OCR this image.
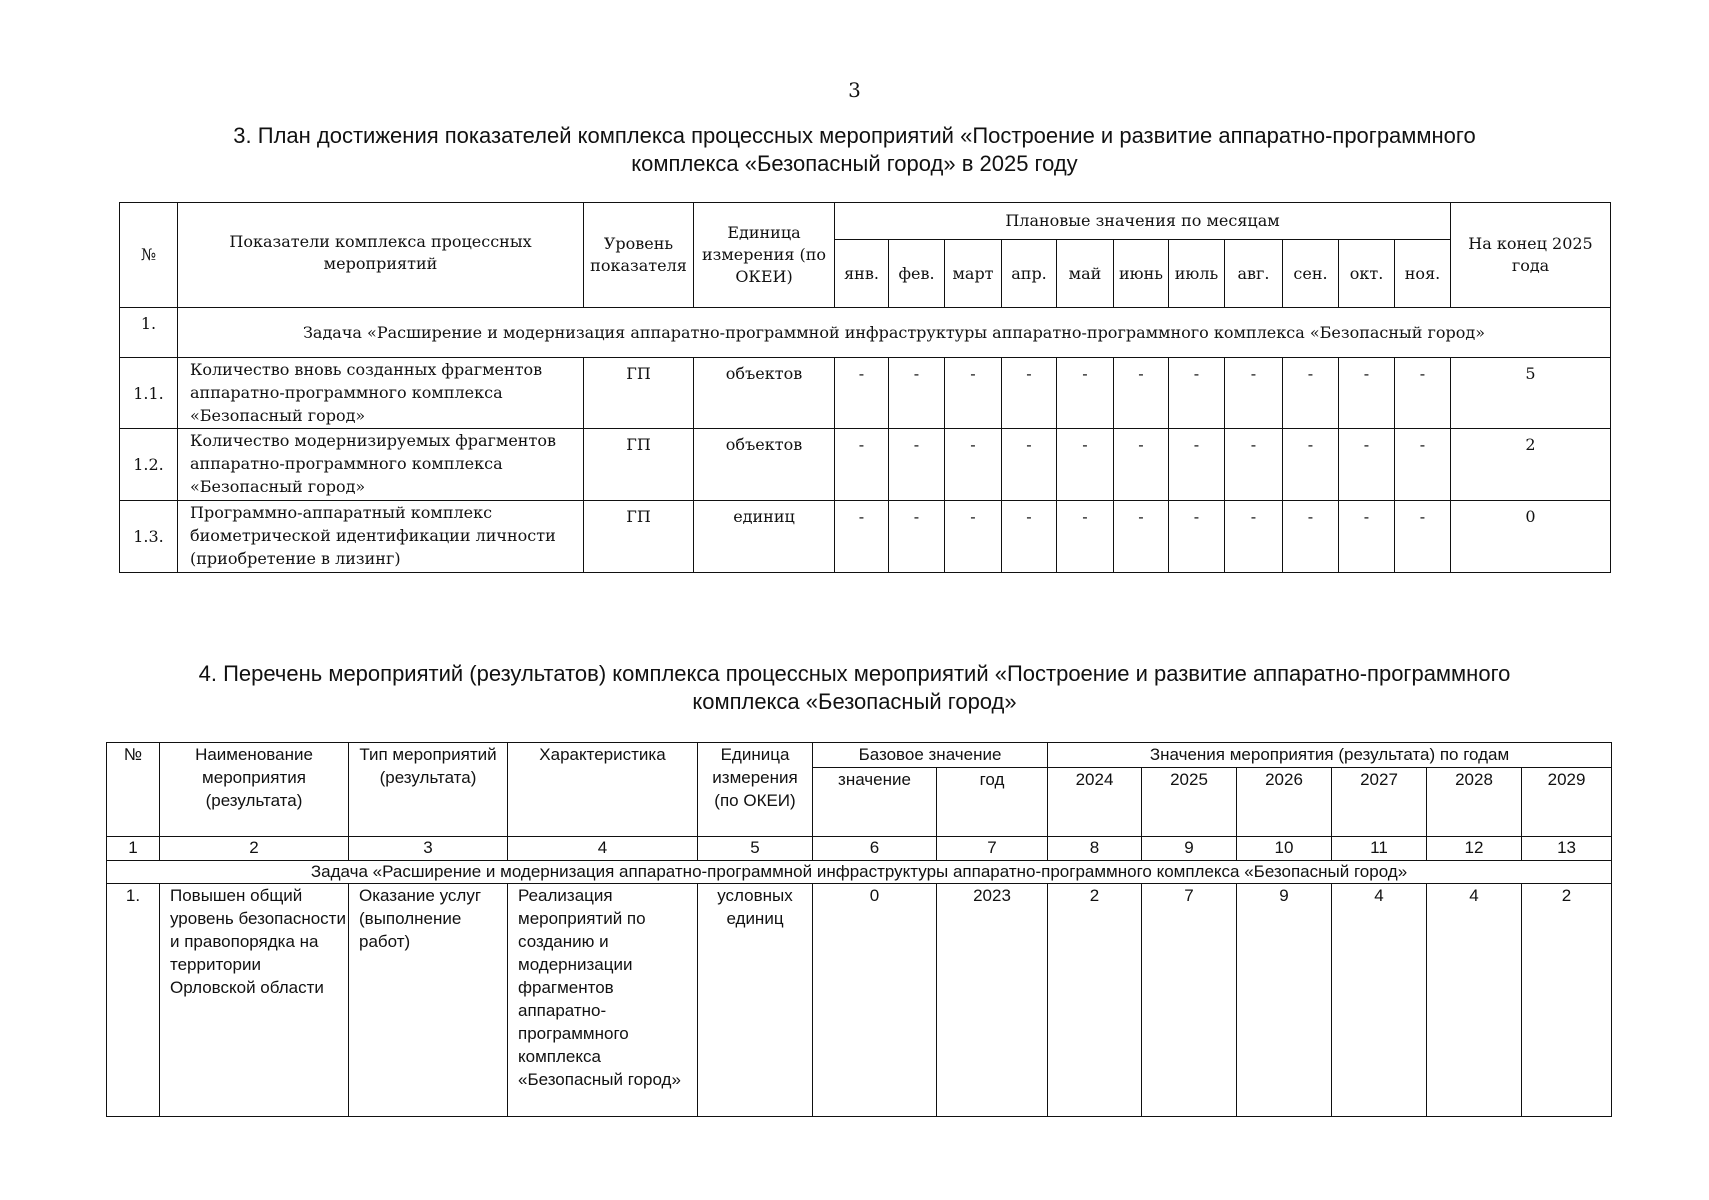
3
3. План достижения показателей комплекса процессных мероприятий «Построение и развитие аппаратно-программного
комплекса «Безопасный город» в 2025 году
№	Показатели комплекса процессных мероприятий	Уровень показателя	Единица измерения (по ОКЕИ)	Плановые значения по месяцам											На конец 2025 года
				янв.	фев.	март	апр.	май	июнь	июль	авг.	сен.	окт.	ноя.	
1.	Задача «Расширение и модернизация аппаратно-программной инфраструктуры аппаратно-программного комплекса «Безопасный город»														
1.1.	Количество вновь созданных фрагментов аппаратно-программного комплекса «Безопасный город»	ГП	объектов	-	-	-	-	-	-	-	-	-	-	-	5
1.2.	Количество модернизируемых фрагментов аппаратно-программного комплекса «Безопасный город»	ГП	объектов	-	-	-	-	-	-	-	-	-	-	-	2
1.3.	Программно-аппаратный комплекс биометрической идентификации личности (приобретение в лизинг)	ГП	единиц	-	-	-	-	-	-	-	-	-	-	-	0
4. Перечень мероприятий (результатов) комплекса процессных мероприятий «Построение и развитие аппаратно-программного
комплекса «Безопасный город»
№	Наименование мероприятия (результата)	Тип мероприятий (результата)	Характеристика	Единица измерения (по ОКЕИ)	Базовое значение		Значения мероприятия (результата) по годам					
					значение	год	2024	2025	2026	2027	2028	2029
1	2	3	4	5	6	7	8	9	10	11	12	13
Задача «Расширение и модернизация аппаратно-программной инфраструктуры аппаратно-программного комплекса «Безопасный город»												
1.	Повышен общий уровень безопасности и правопорядка на территории Орловской области	Оказание услуг (выполнение работ)	Реализация мероприятий по созданию и модернизации фрагментов аппаратно-программного комплекса «Безопасный город»	условных единиц	0	2023	2	7	9	4	4	2
